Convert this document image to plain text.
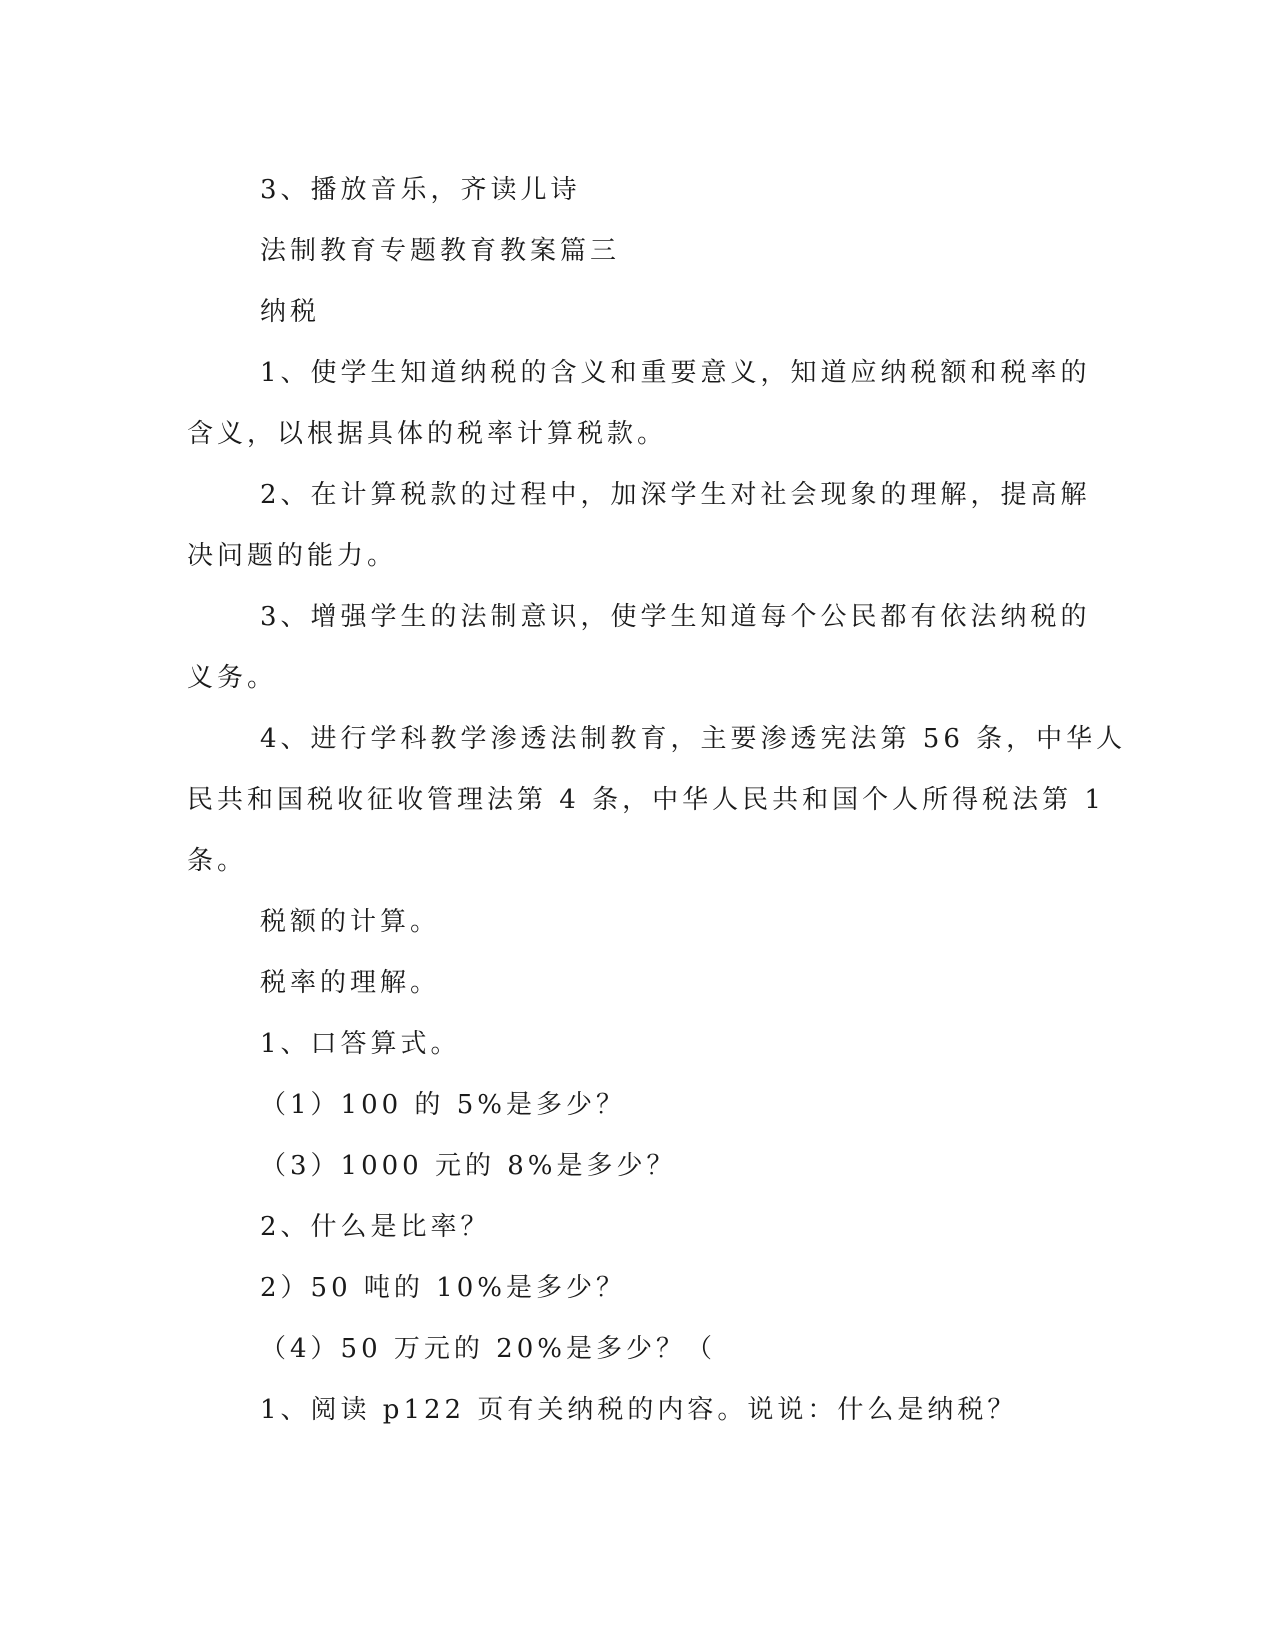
3、播放音乐，齐读儿诗

法制教育专题教育教案篇三

纳税

1、使学生知道纳税的含义和重要意义，知道应纳税额和税率的

含义，以根据具体的税率计算税款。

2、在计算税款的过程中，加深学生对社会现象的理解，提高解

决问题的能力。

3、增强学生的法制意识，使学生知道每个公民都有依法纳税的

义务。

4、进行学科教学渗透法制教育，主要渗透宪法第 56 条，中华人

民共和国税收征收管理法第 4 条，中华人民共和国个人所得税法第 1

条。

税额的计算。

税率的理解。

1、口答算式。

（1）100 的 5%是多少？

（3）1000 元的 8%是多少？

2、什么是比率？

2）50 吨的 10%是多少？

（4）50 万元的 20%是多少？（

1、阅读 p122 页有关纳税的内容。说说：什么是纳税？
